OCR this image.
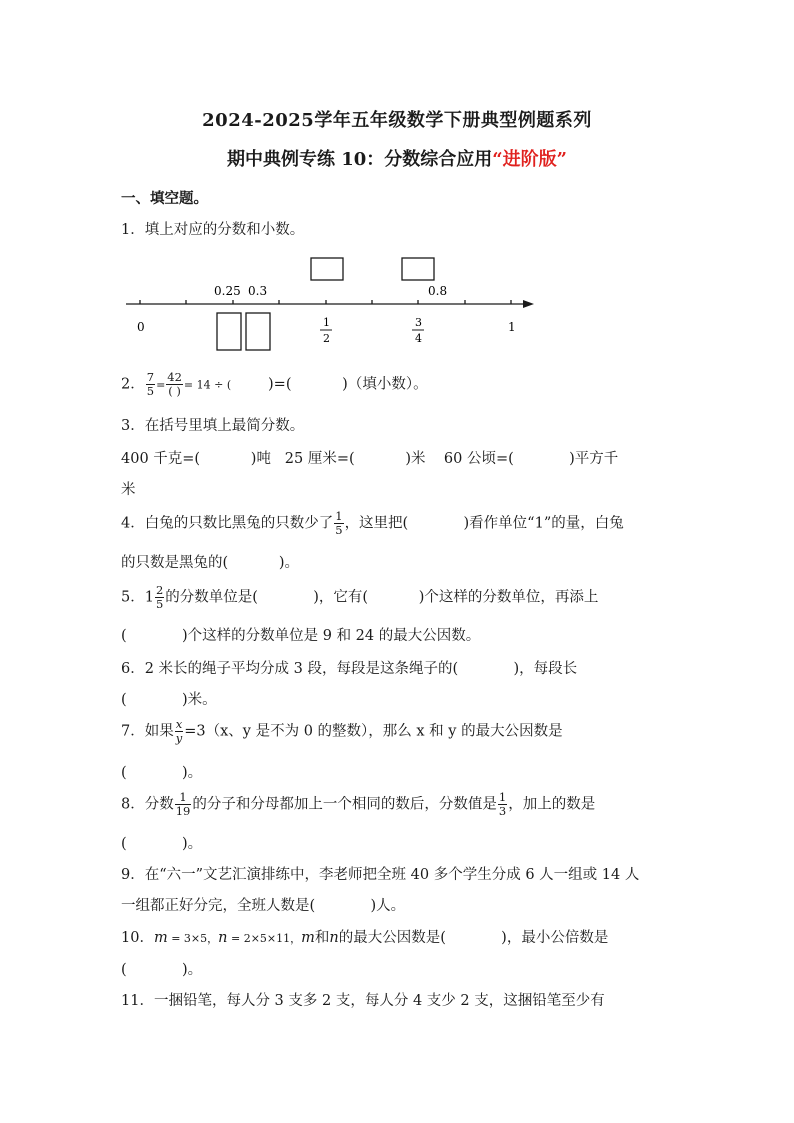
2024-2025学年五年级数学下册典型例题系列
期中典例专练 10：分数综合应用“进阶版”
一、填空题。
1．填上对应的分数和小数。
0.25 0.3	0.8
0	1
1
2
3
4
2． $\frac{7}{5} = \frac{42}{( )} = 14$ ÷ (        )=(           )（填小数）。
3．在括号里填上最简分数。
400 千克=(           )吨   25 厘米=(           )米    60 公顷=(            )平方千
米
4．白兔的只数比黑兔的只数少了 $\frac{1}{5}$ ，这里把(            )看作单位“1”的量，白兔
的只数是黑兔的(           )。
5．$1 \frac{2}{5}$ 的分数单位是(            )，它有(           )个这样的分数单位，再添上
(            )个这样的分数单位是 9 和 24 的最大公因数。
6．2 米长的绳子平均分成 3 段，每段是这条绳子的(            )，每段长
(            )米。
7．如果 $\frac{x}{y} =3(x$、y 是不为 0 的整数），那么 x 和 y 的最大公因数是
(            )。
8．分数 $\frac{1}{19}$ 的分子和分母都加上一个相同的数后，分数值是 $\frac{1}{3}$ ，加上的数是
(            )。
9．在“六一”文艺汇演排练中，李老师把全班 40 多个学生分成 6 人一组或 14 人
一组都正好分完，全班人数是(            )人。
10．m = 3×5，n = 2×5×11，m和n的最大公因数是(            )，最小公倍数是
(            )。
11．一捆铅笔，每人分 3 支多 2 支，每人分 4 支少 2 支，这捆铅笔至少有
